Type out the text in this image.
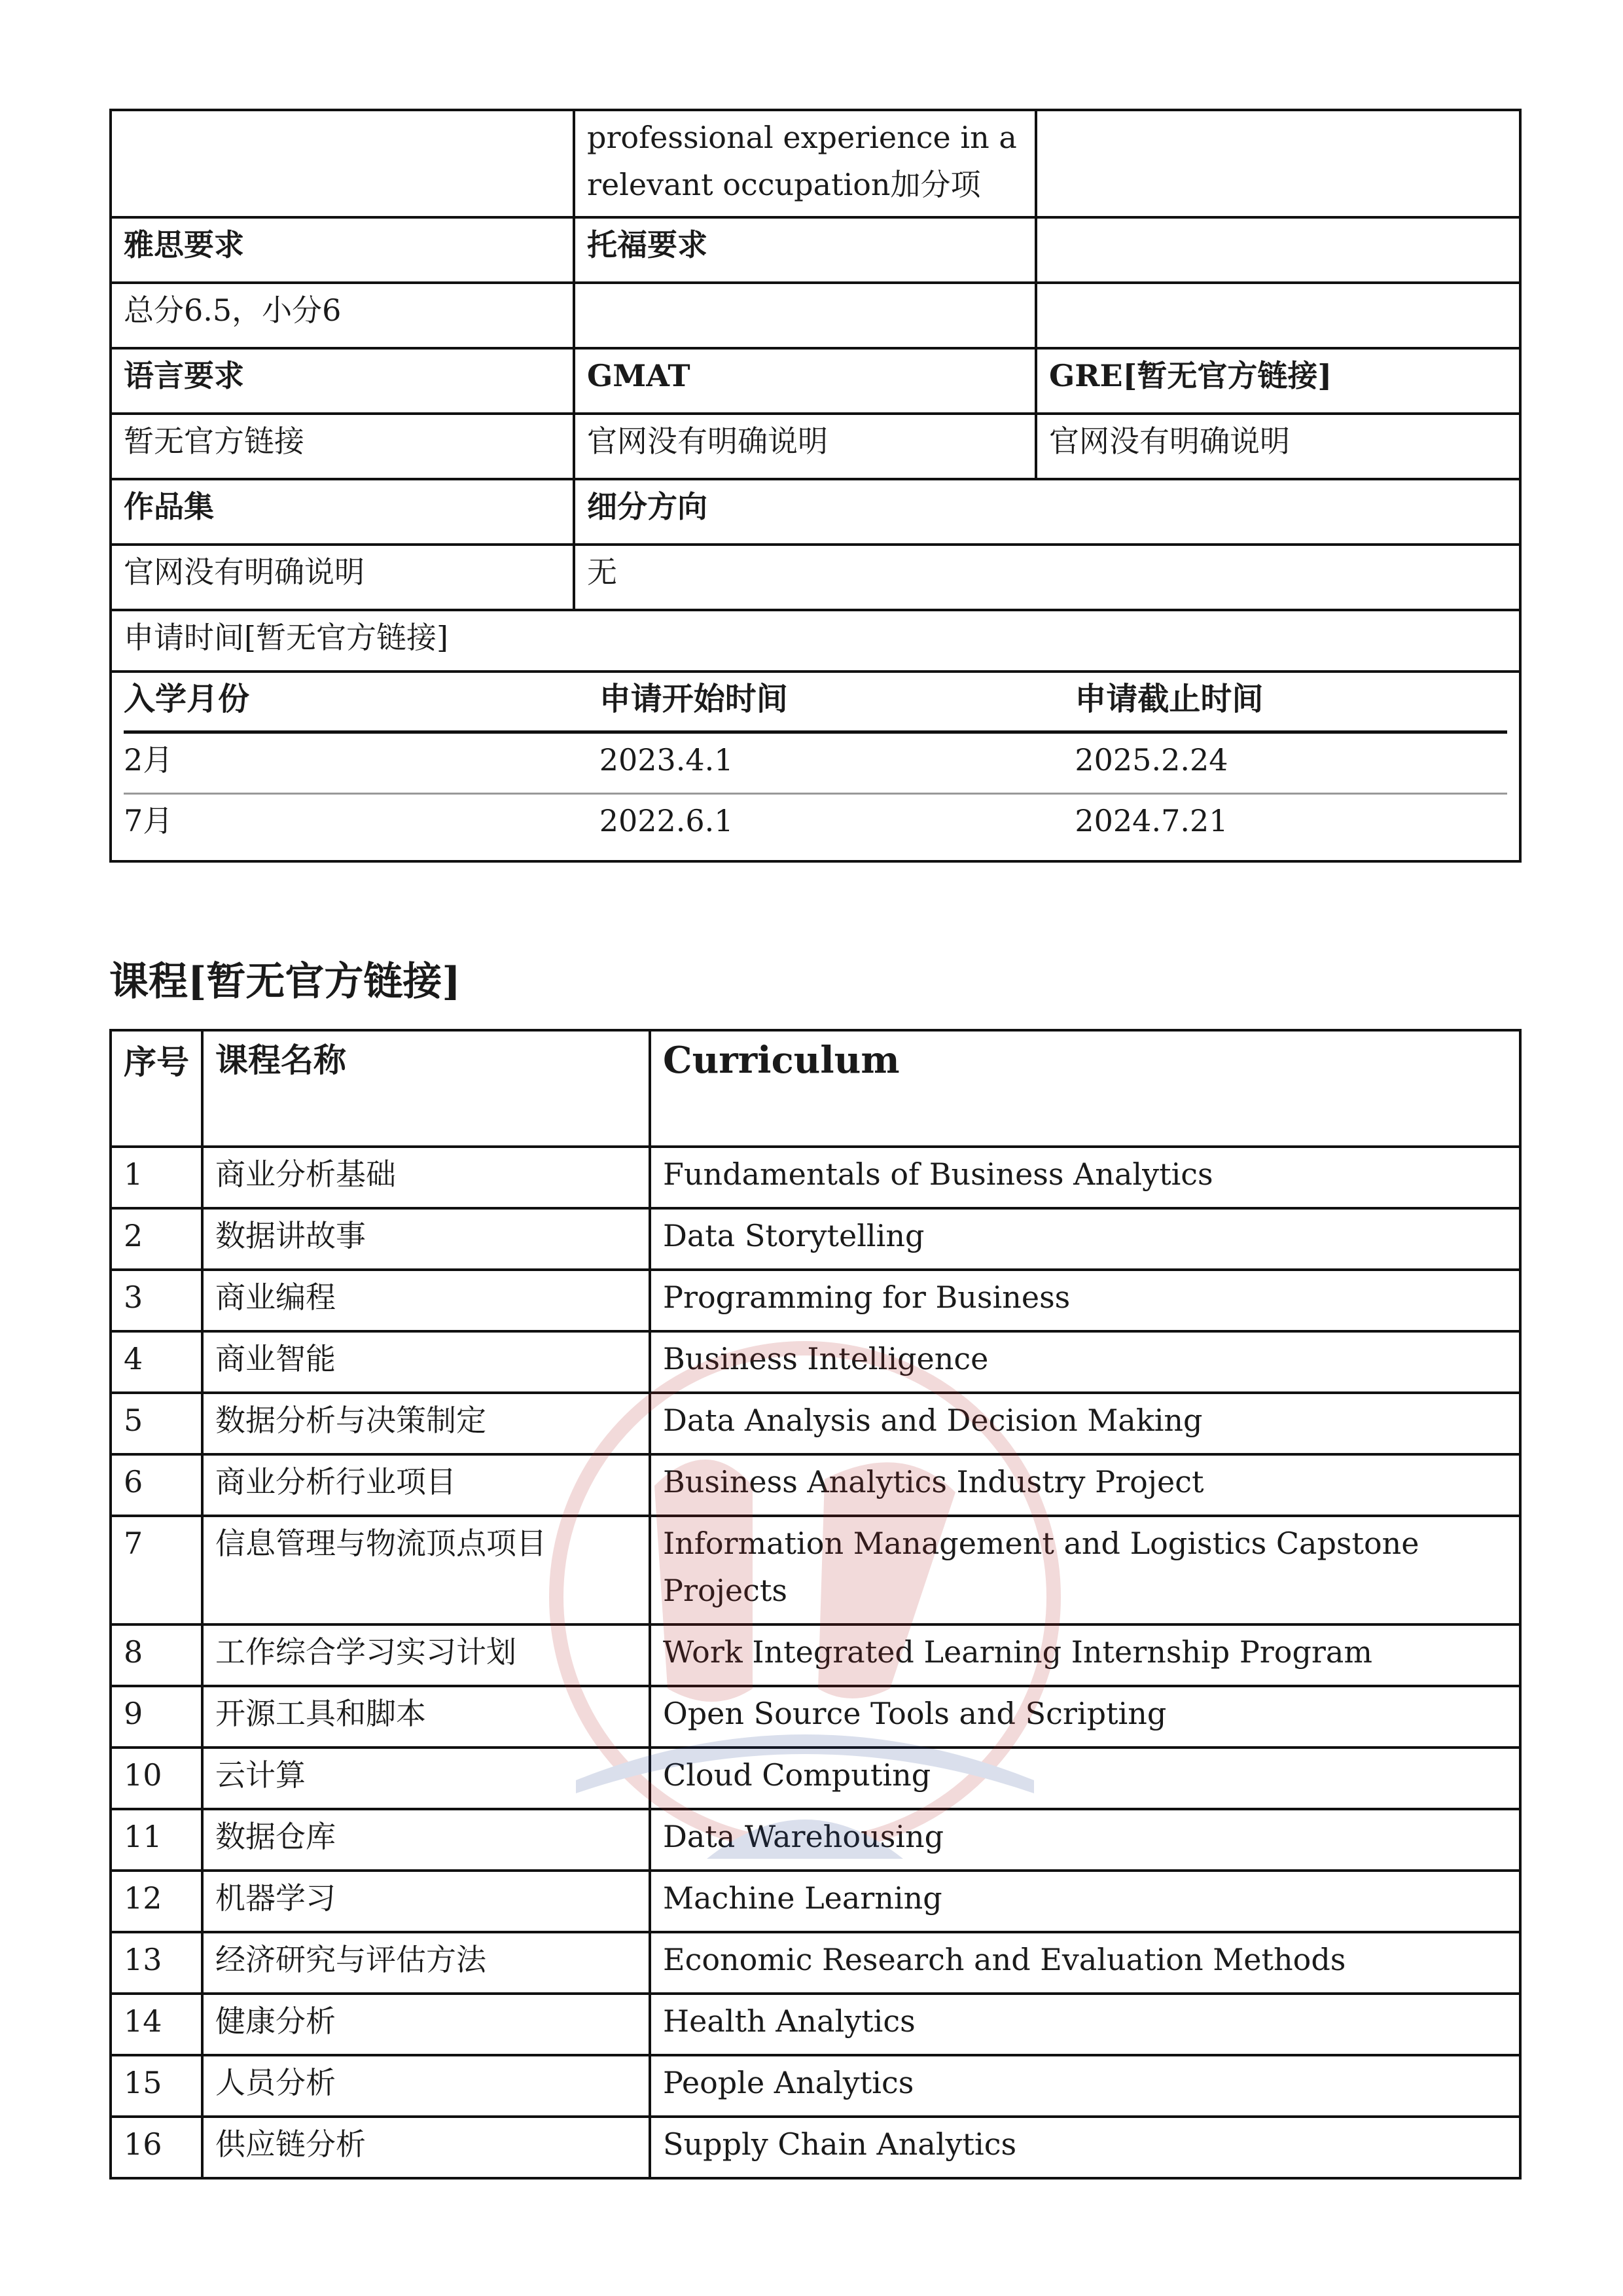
	professional experience in a relevant occupation加分项	
雅思要求	托福要求	
总分6.5，小分6		
语言要求	GMAT	GRE[暂无官方链接]
暂无官方链接	官网没有明确说明	官网没有明确说明
作品集	细分方向
官网没有明确说明	无
申请时间[暂无官方链接]

入学月份	申请开始时间	申请截止时间
2月	2023.4.1	2025.2.24
7月	2022.6.1	2024.7.21
课程[暂无官方链接]
序号	课程名称	Curriculum
1	商业分析基础	Fundamentals of Business Analytics
2	数据讲故事	Data Storytelling
3	商业编程	Programming for Business
4	商业智能	Business Intelligence
5	数据分析与决策制定	Data Analysis and Decision Making
6	商业分析行业项目	Business Analytics Industry Project
7	信息管理与物流顶点项目	Information Management and Logistics Capstone Projects
8	工作综合学习实习计划	Work Integrated Learning Internship Program
9	开源工具和脚本	Open Source Tools and Scripting
10	云计算	Cloud Computing
11	数据仓库	Data Warehousing
12	机器学习	Machine Learning
13	经济研究与评估方法	Economic Research and Evaluation Methods
14	健康分析	Health Analytics
15	人员分析	People Analytics
16	供应链分析	Supply Chain Analytics
